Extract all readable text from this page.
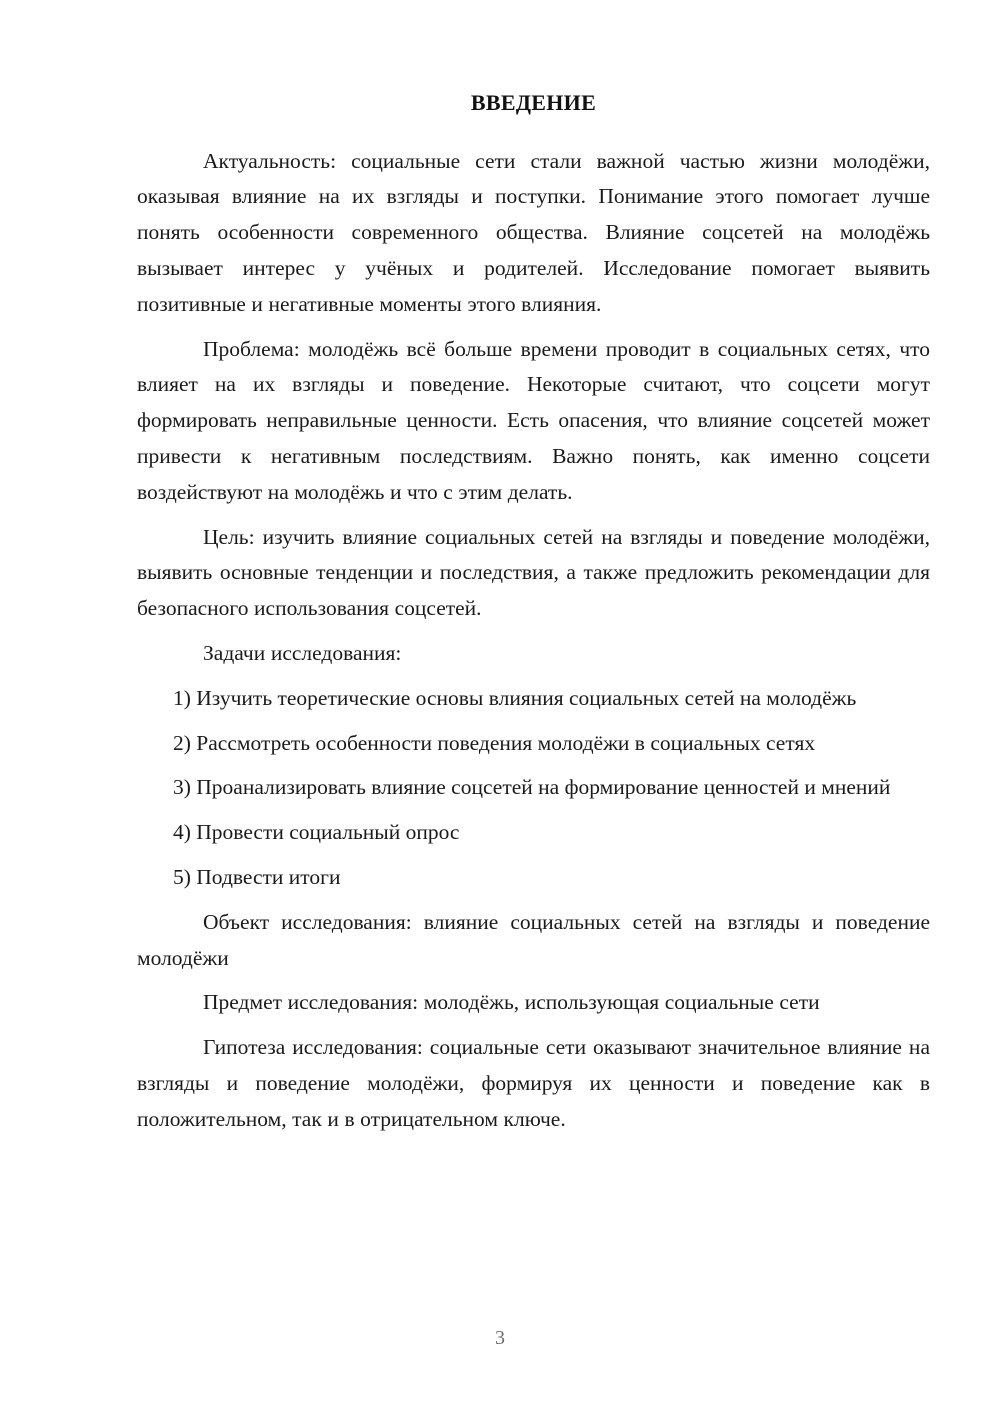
ВВЕДЕНИЕ

Актуальность: социальные сети стали важной частью жизни молодёжи, оказывая влияние на их взгляды и поступки. Понимание этого помогает лучше понять особенности современного общества. Влияние соцсетей на молодёжь вызывает интерес у учёных и родителей. Исследование помогает выявить позитивные и негативные моменты этого влияния.

Проблема: молодёжь всё больше времени проводит в социальных сетях, что влияет на их взгляды и поведение. Некоторые считают, что соцсети могут формировать неправильные ценности. Есть опасения, что влияние соцсетей может привести к негативным последствиям. Важно понять, как именно соцсети воздействуют на молодёжь и что с этим делать.

Цель: изучить влияние социальных сетей на взгляды и поведение молодёжи, выявить основные тенденции и последствия, а также предложить рекомендации для безопасного использования соцсетей.

Задачи исследования:

1) Изучить теоретические основы влияния социальных сетей на молодёжь

2) Рассмотреть особенности поведения молодёжи в социальных сетях

3) Проанализировать влияние соцсетей на формирование ценностей и мнений

4) Провести социальный опрос

5) Подвести итоги

Объект исследования: влияние социальных сетей на взгляды и поведение молодёжи

Предмет исследования: молодёжь, использующая социальные сети

Гипотеза исследования: социальные сети оказывают значительное влияние на взгляды и поведение молодёжи, формируя их ценности и поведение как в положительном, так и в отрицательном ключе.

3
